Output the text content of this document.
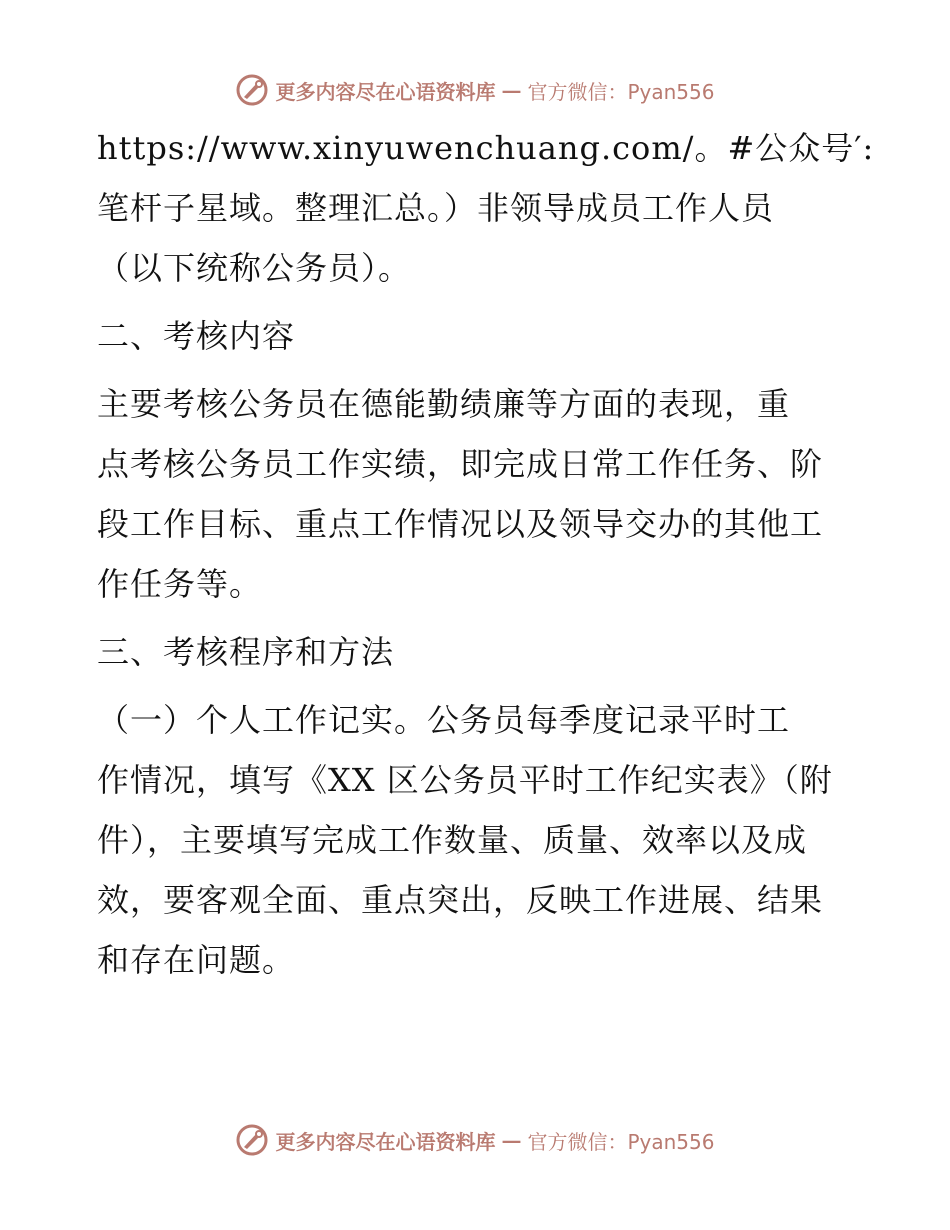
更多内容尽在心语资料库 — 官方微信：Pyan556
https://www.xinyuwenchuang.com/。#公众号′:
笔杆子星域。整理汇总。）非领导成员工作人员
（以下统称公务员）。
二、考核内容
主要考核公务员在德能勤绩廉等方面的表现，重
点考核公务员工作实绩，即完成日常工作任务、阶
段工作目标、重点工作情况以及领导交办的其他工
作任务等。
三、考核程序和方法
（一）个人工作记实。公务员每季度记录平时工
作情况，填写《XX 区公务员平时工作纪实表》（附
件），主要填写完成工作数量、质量、效率以及成
效，要客观全面、重点突出，反映工作进展、结果
和存在问题。
更多内容尽在心语资料库 — 官方微信：Pyan556
